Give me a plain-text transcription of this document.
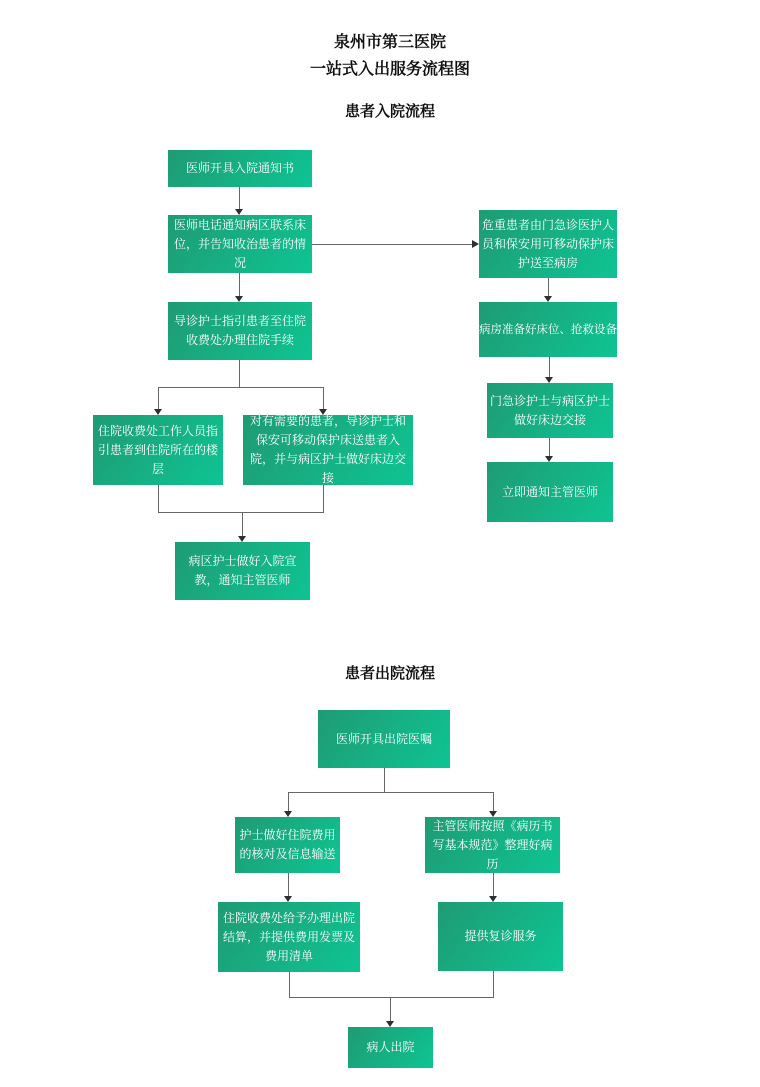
泉州市第三医院
一站式入出服务流程图
患者入院流程
患者出院流程
医师开具入院通知书
医师电话通知病区联系床位，并告知收治患者的情况
导诊护士指引患者至住院收费处办理住院手续
住院收费处工作人员指引患者到住院所在的楼层
对有需要的患者，导诊护士和保安可移动保护床送患者入院，并与病区护士做好床边交接
病区护士做好入院宣教，通知主管医师
危重患者由门急诊医护人员和保安用可移动保护床护送至病房
病房准备好床位、抢救设备
门急诊护士与病区护士做好床边交接
立即通知主管医师
医师开具出院医嘱
护士做好住院费用的核对及信息输送
主管医师按照《病历书写基本规范》整理好病历
住院收费处给予办理出院结算，并提供费用发票及费用清单
提供复诊服务
病人出院
